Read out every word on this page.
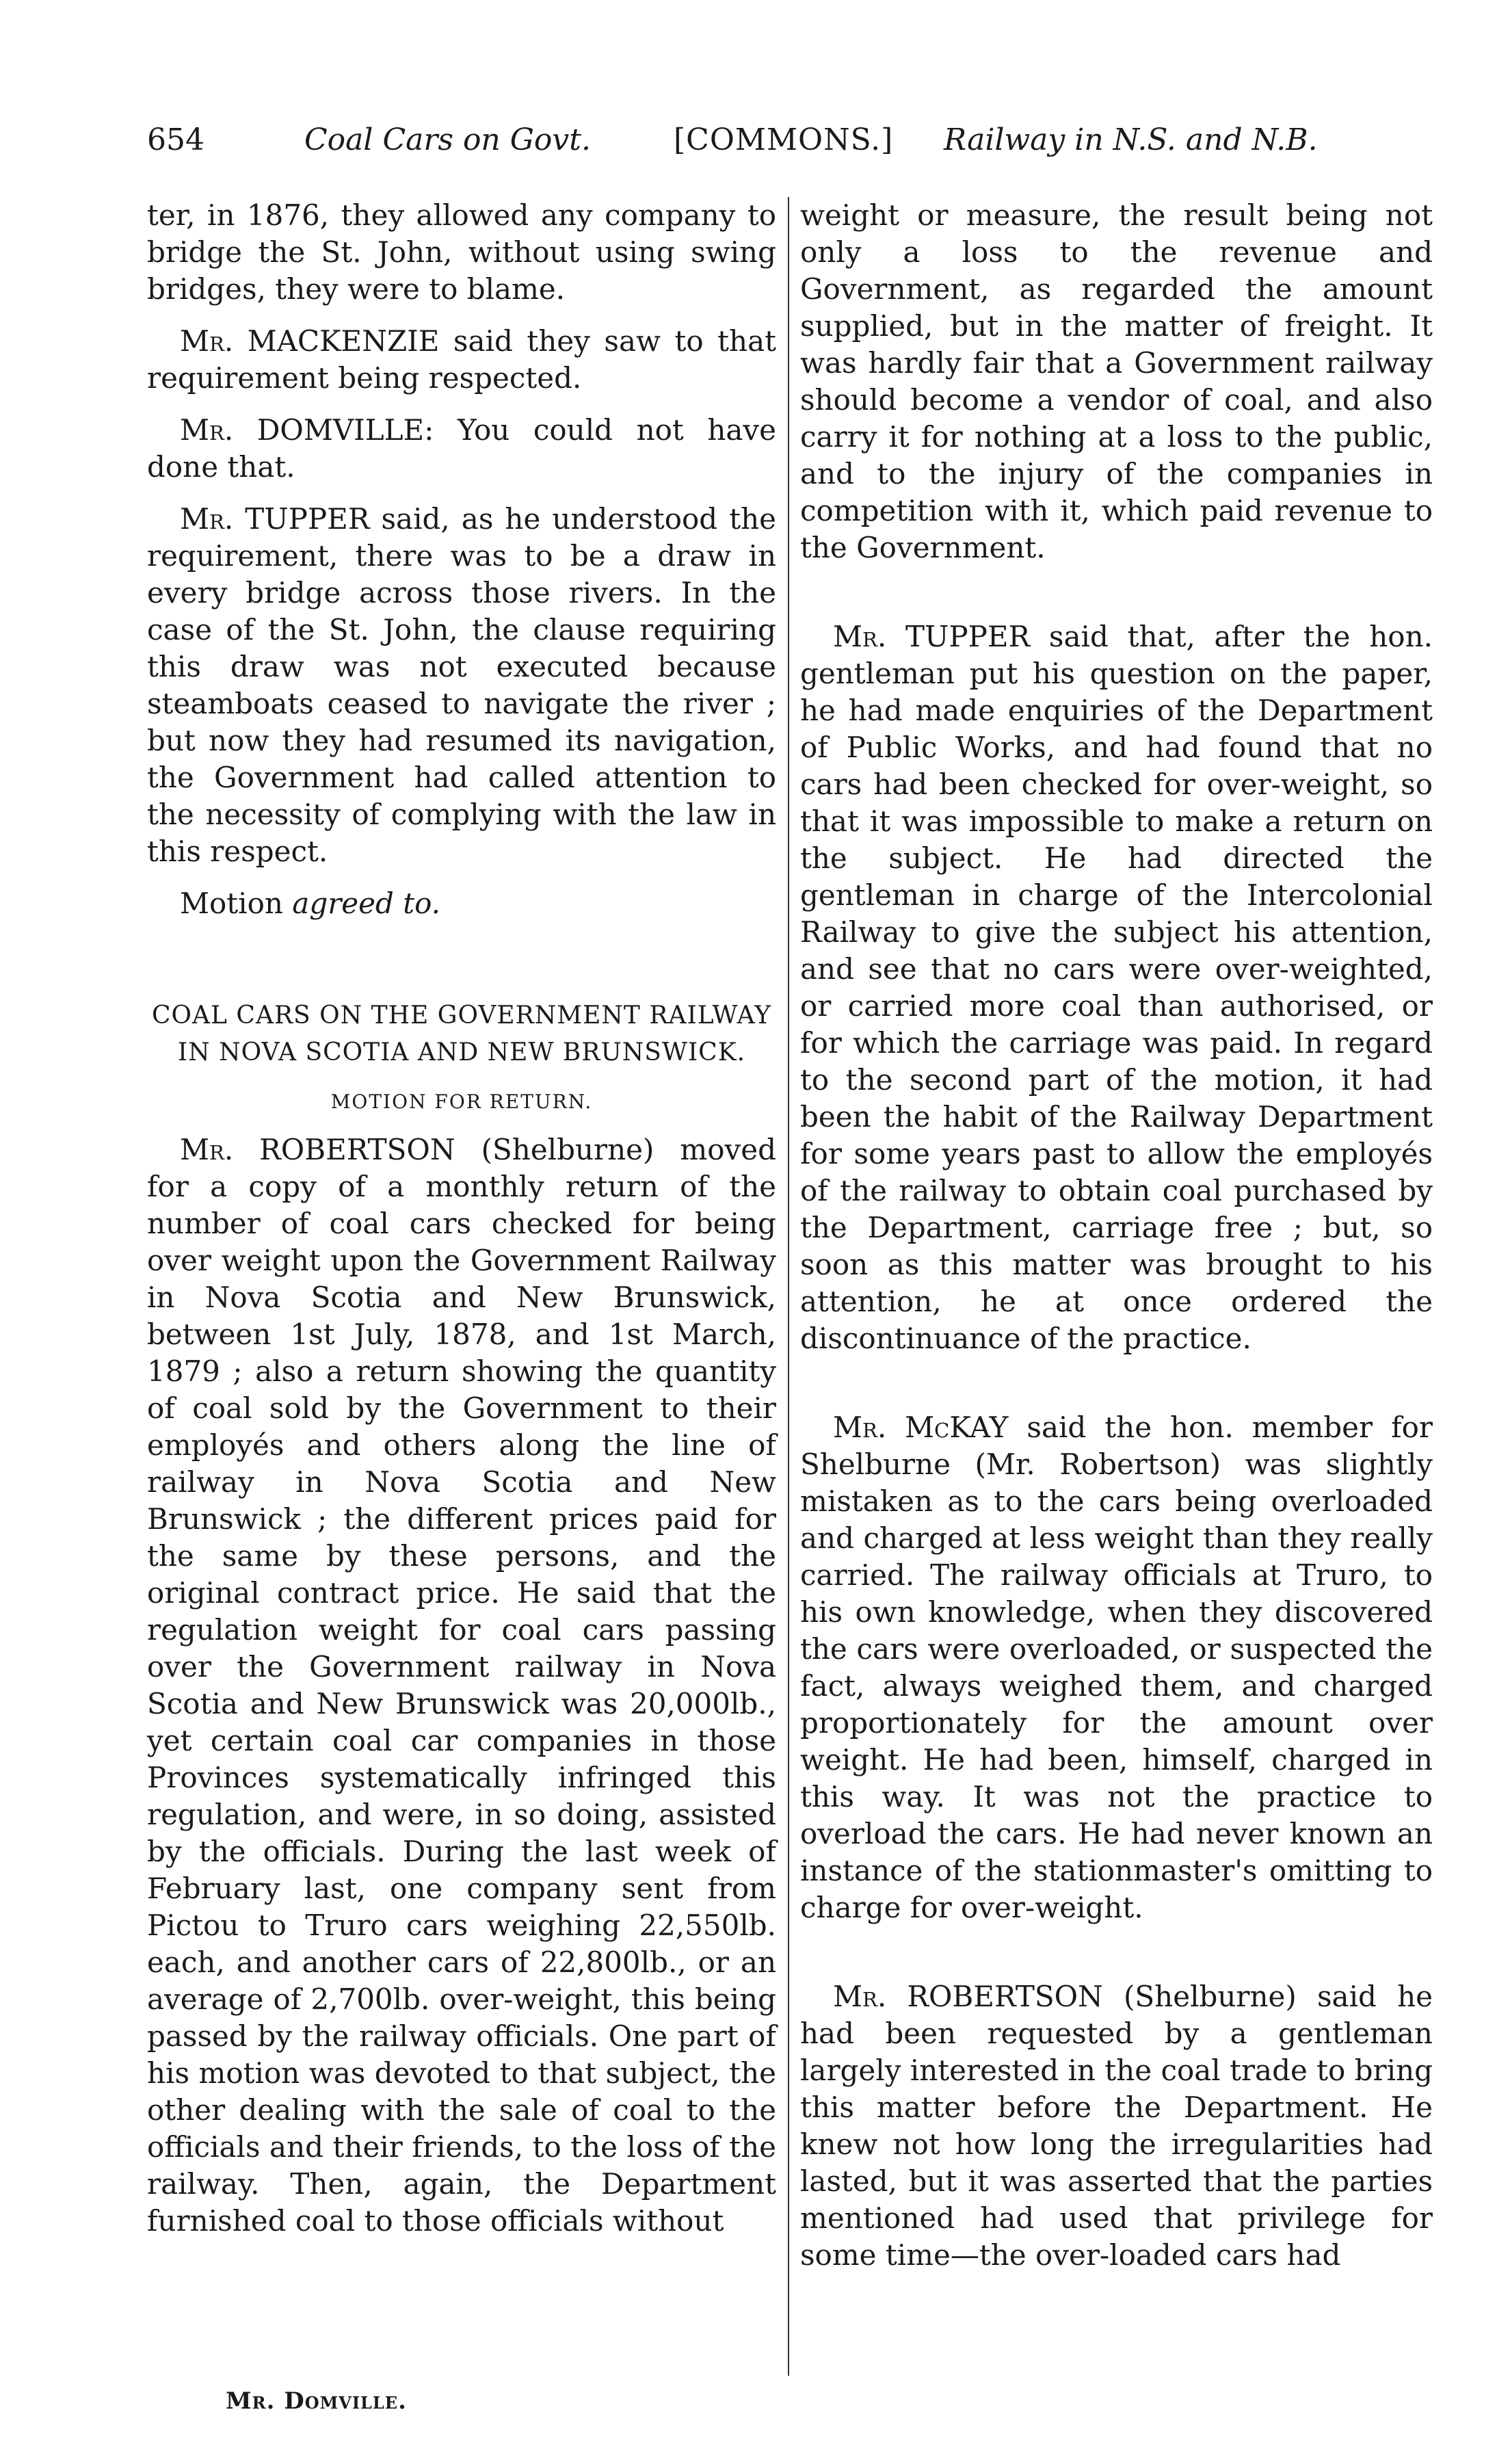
654	Coal Cars on Govt.	[COMMONS.] Railway in N.S. and N.B.

ter, in 1876, they allowed any company to bridge the St. John, without using swing bridges, they were to blame.

Mr. MACKENZIE said they saw to that requirement being respected.

Mr. DOMVILLE: You could not have done that.

Mr. TUPPER said, as he understood the requirement, there was to be a draw in every bridge across those rivers. In the case of the St. John, the clause requiring this draw was not executed because steamboats ceased to navigate the river ; but now they had resumed its navigation, the Government had called attention to the necessity of complying with the law in this respect.

Motion agreed to.

COAL CARS ON THE GOVERNMENT RAILWAY IN NOVA SCOTIA AND NEW BRUNSWICK.
MOTION FOR RETURN.

Mr. ROBERTSON (Shelburne) moved for a copy of a monthly return of the number of coal cars checked for being over weight upon the Government Railway in Nova Scotia and New Brunswick, between 1st July, 1878, and 1st March, 1879 ; also a return showing the quantity of coal sold by the Government to their employés and others along the line of railway in Nova Scotia and New Brunswick ; the different prices paid for the same by these persons, and the original contract price. He said that the regulation weight for coal cars passing over the Government railway in Nova Scotia and New Brunswick was 20,000lb., yet certain coal car companies in those Provinces systematically infringed this regulation, and were, in so doing, assisted by the officials. During the last week of February last, one company sent from Pictou to Truro cars weighing 22,550lb. each, and another cars of 22,800lb., or an average of 2,700lb. over-weight, this being passed by the railway officials. One part of his motion was devoted to that subject, the other dealing with the sale of coal to the officials and their friends, to the loss of the railway. Then, again, the Department furnished coal to those officials without

weight or measure, the result being not only a loss to the revenue and Government, as regarded the amount supplied, but in the matter of freight. It was hardly fair that a Government railway should become a vendor of coal, and also carry it for nothing at a loss to the public, and to the injury of the companies in competition with it, which paid revenue to the Government.

Mr. TUPPER said that, after the hon. gentleman put his question on the paper, he had made enquiries of the Department of Public Works, and had found that no cars had been checked for over-weight, so that it was impossible to make a return on the subject. He had directed the gentleman in charge of the Intercolonial Railway to give the subject his attention, and see that no cars were over-weighted, or carried more coal than authorised, or for which the carriage was paid. In regard to the second part of the motion, it had been the habit of the Railway Department for some years past to allow the employés of the railway to obtain coal purchased by the Department, carriage free ; but, so soon as this matter was brought to his attention, he at once ordered the discontinuance of the practice.

Mr. McKAY said the hon. member for Shelburne (Mr. Robertson) was slightly mistaken as to the cars being overloaded and charged at less weight than they really carried. The railway officials at Truro, to his own knowledge, when they discovered the cars were overloaded, or suspected the fact, always weighed them, and charged proportionately for the amount over weight. He had been, himself, charged in this way. It was not the practice to overload the cars. He had never known an instance of the stationmaster's omitting to charge for over-weight.

Mr. ROBERTSON (Shelburne) said he had been requested by a gentleman largely interested in the coal trade to bring this matter before the Department. He knew not how long the irregularities had lasted, but it was asserted that the parties mentioned had used that privilege for some time—the over-loaded cars had

Mr. Domville.
